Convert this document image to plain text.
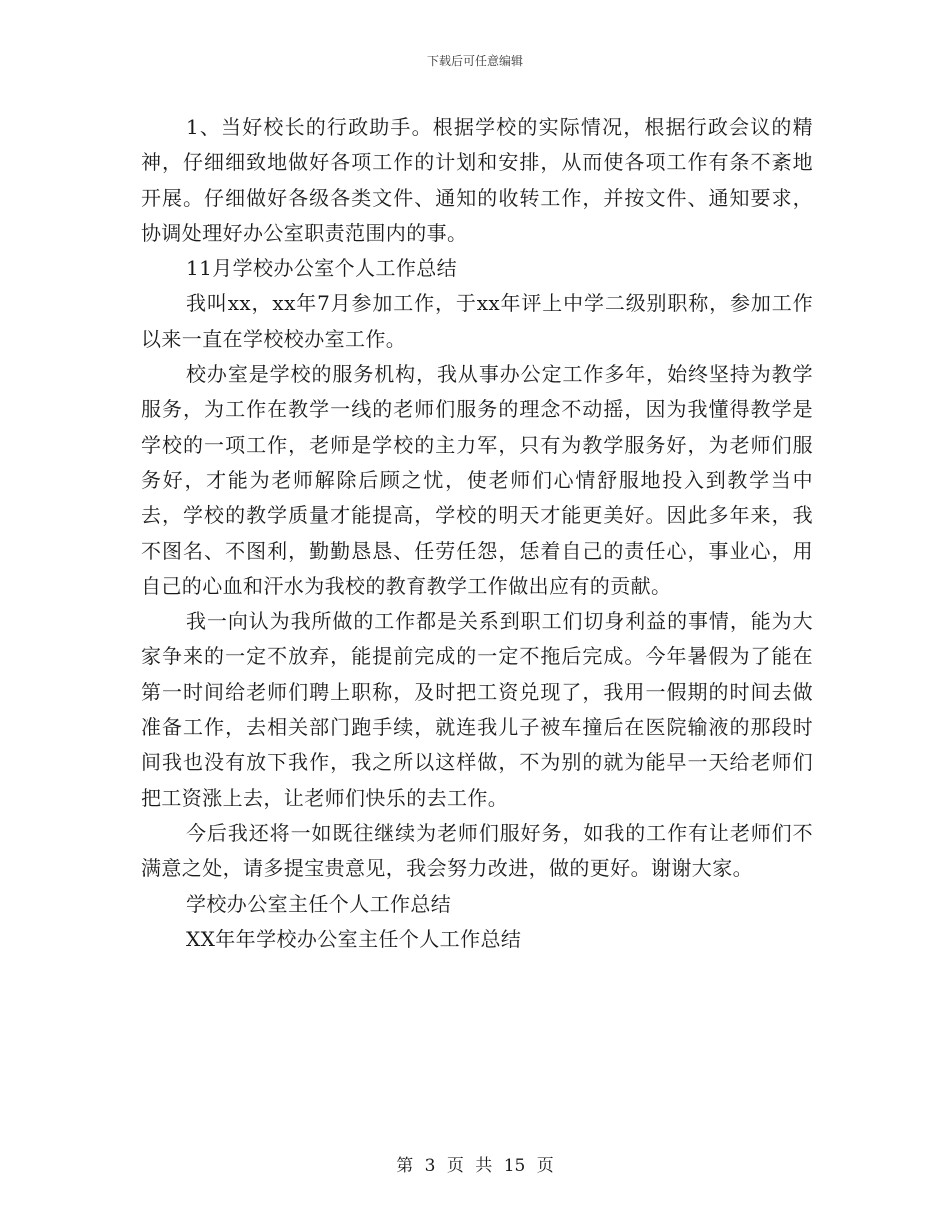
下载后可任意编辑

1、当好校长的行政助手。根据学校的实际情况，根据行政会议的精神，仔细细致地做好各项工作的计划和安排，从而使各项工作有条不紊地开展。仔细做好各级各类文件、通知的收转工作，并按文件、通知要求，协调处理好办公室职责范围内的事。

11月学校办公室个人工作总结

我叫xx，xx年7月参加工作，于xx年评上中学二级别职称，参加工作以来一直在学校校办室工作。

校办室是学校的服务机构，我从事办公定工作多年，始终坚持为教学服务，为工作在教学一线的老师们服务的理念不动摇，因为我懂得教学是学校的一项工作，老师是学校的主力军，只有为教学服务好，为老师们服务好，才能为老师解除后顾之忧，使老师们心情舒服地投入到教学当中去，学校的教学质量才能提高，学校的明天才能更美好。因此多年来，我不图名、不图利，勤勤恳恳、任劳任怨，恁着自己的责任心，事业心，用自己的心血和汗水为我校的教育教学工作做出应有的贡献。

我一向认为我所做的工作都是关系到职工们切身利益的事情，能为大家争来的一定不放弃，能提前完成的一定不拖后完成。今年暑假为了能在第一时间给老师们聘上职称，及时把工资兑现了，我用一假期的时间去做准备工作，去相关部门跑手续，就连我儿子被车撞后在医院输液的那段时间我也没有放下我作，我之所以这样做，不为别的就为能早一天给老师们把工资涨上去，让老师们快乐的去工作。

今后我还将一如既往继续为老师们服好务，如我的工作有让老师们不满意之处，请多提宝贵意见，我会努力改进，做的更好。谢谢大家。

学校办公室主任个人工作总结

XX年年学校办公室主任个人工作总结

第 3 页 共 15 页
